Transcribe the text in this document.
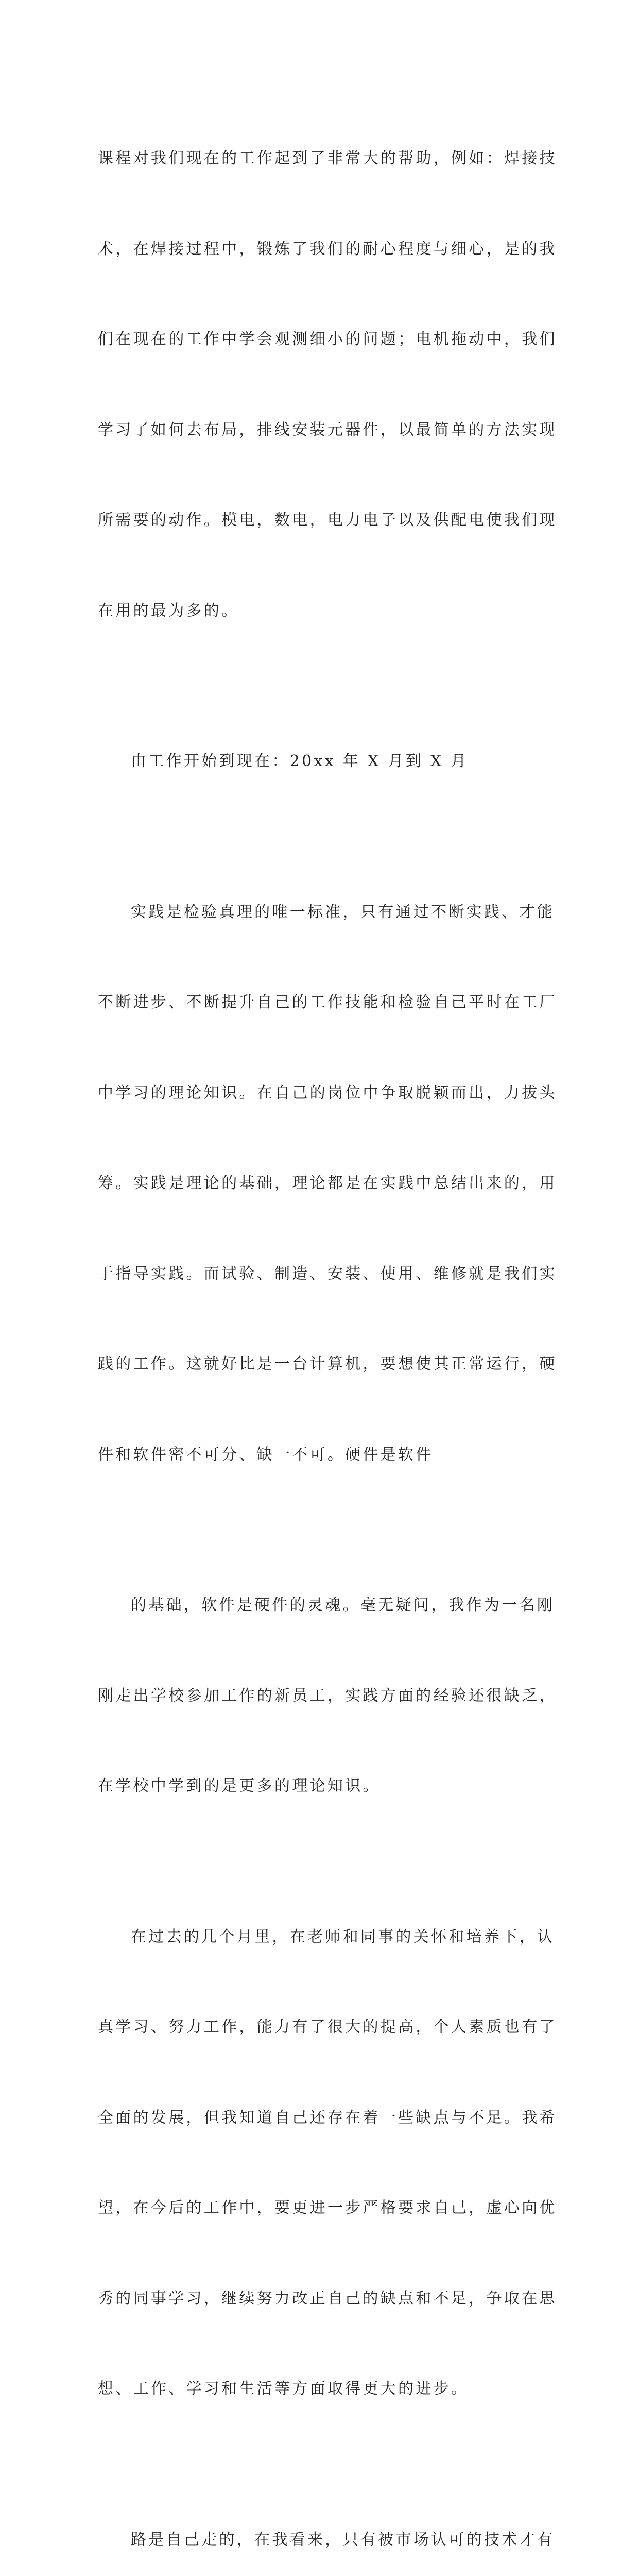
课程对我们现在的工作起到了非常大的帮助，例如：焊接技

术，在焊接过程中，锻炼了我们的耐心程度与细心，是的我

们在现在的工作中学会观测细小的问题；电机拖动中，我们

学习了如何去布局，排线安装元器件，以最简单的方法实现

所需要的动作。模电，数电，电力电子以及供配电使我们现

在用的最为多的。

由工作开始到现在：20xx 年 X 月到 X 月

实践是检验真理的唯一标准，只有通过不断实践、才能

不断进步、不断提升自己的工作技能和检验自己平时在工厂

中学习的理论知识。在自己的岗位中争取脱颖而出，力拔头

筹。实践是理论的基础，理论都是在实践中总结出来的，用

于指导实践。而试验、制造、安装、使用、维修就是我们实

践的工作。这就好比是一台计算机，要想使其正常运行，硬

件和软件密不可分、缺一不可。硬件是软件

的基础，软件是硬件的灵魂。毫无疑问，我作为一名刚

刚走出学校参加工作的新员工，实践方面的经验还很缺乏，

在学校中学到的是更多的理论知识。

在过去的几个月里，在老师和同事的关怀和培养下，认

真学习、努力工作，能力有了很大的提高，个人素质也有了

全面的发展，但我知道自己还存在着一些缺点与不足。我希

望，在今后的工作中，要更进一步严格要求自己，虚心向优

秀的同事学习，继续努力改正自己的缺点和不足，争取在思

想、工作、学习和生活等方面取得更大的进步。

路是自己走的，在我看来，只有被市场认可的技术才有
